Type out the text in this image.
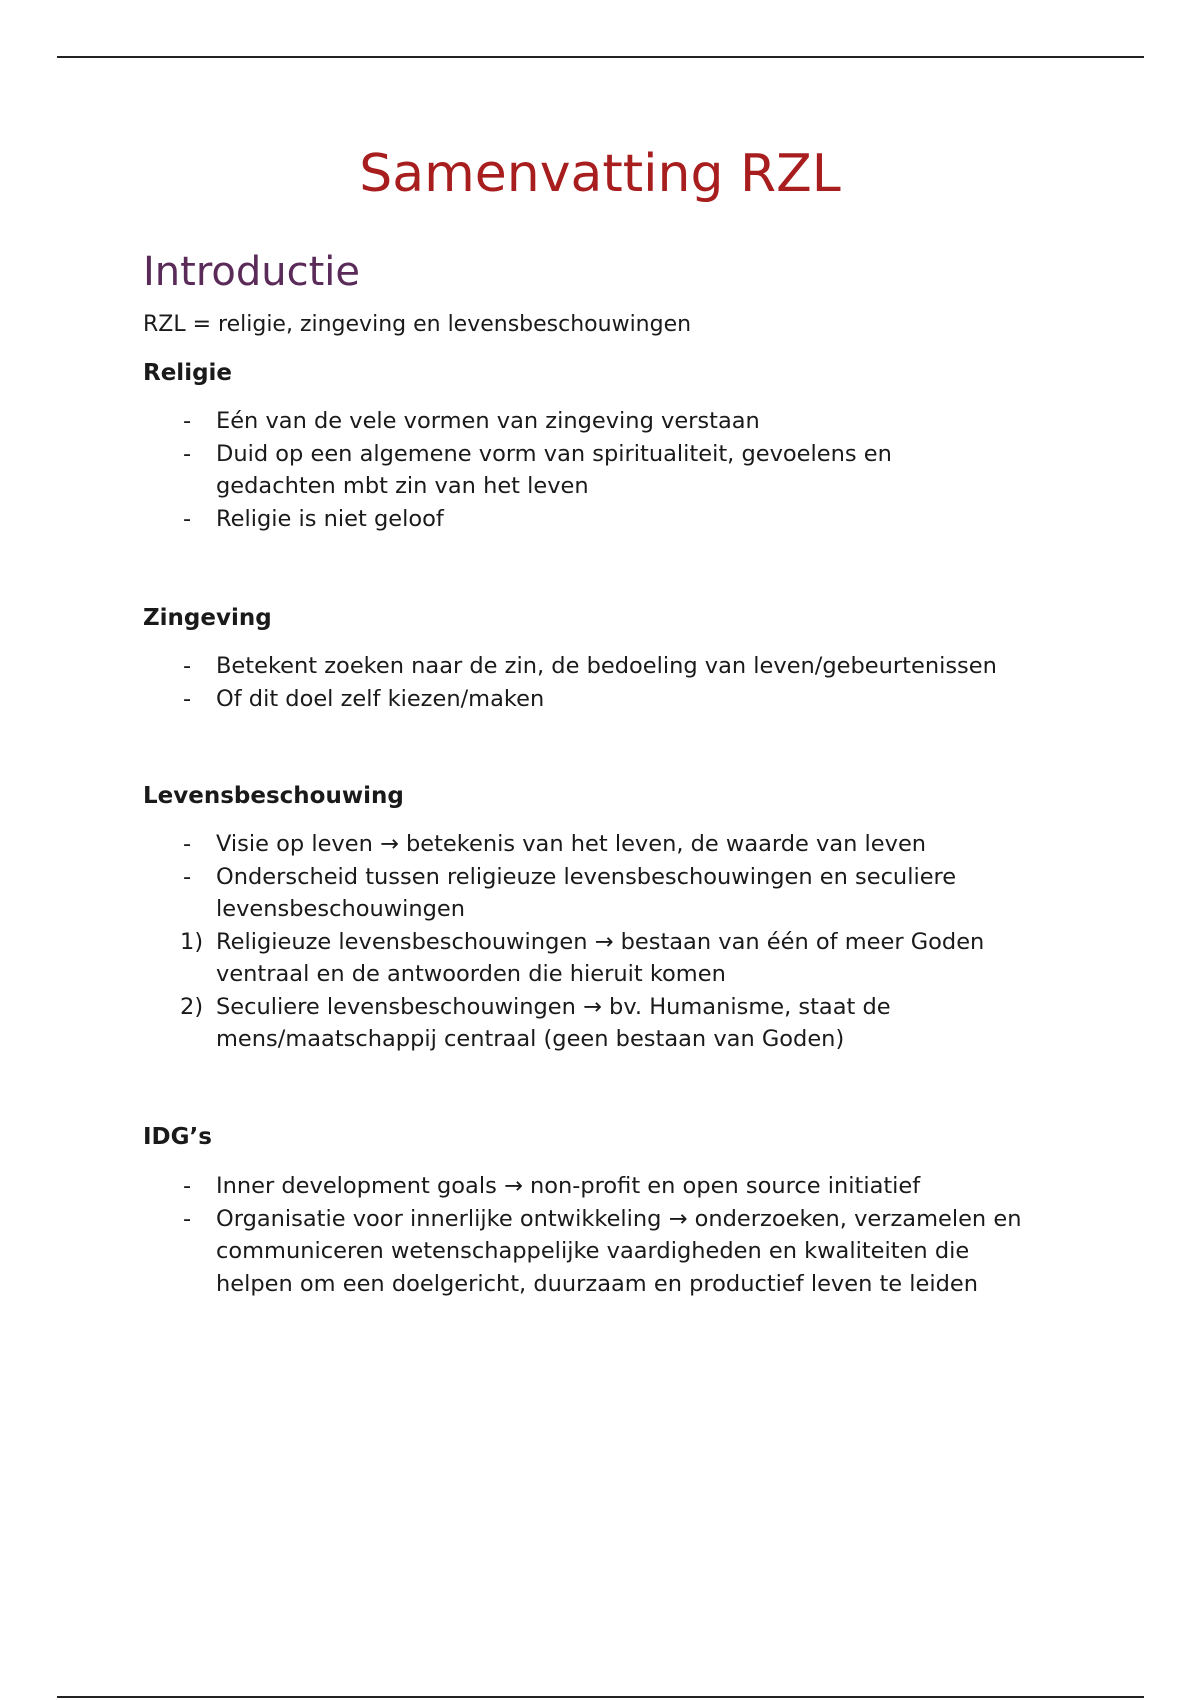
Samenvatting RZL
Introductie

RZL = religie, zingeving en levensbeschouwingen

Religie
- Eén van de vele vormen van zingeving verstaan
- Duid op een algemene vorm van spiritualiteit, gevoelens en gedachten mbt zin van het leven
- Religie is niet geloof
Zingeving
- Betekent zoeken naar de zin, de bedoeling van leven/gebeurtenissen
- Of dit doel zelf kiezen/maken
Levensbeschouwing
- Visie op leven → betekenis van het leven, de waarde van leven
- Onderscheid tussen religieuze levensbeschouwingen en seculiere levensbeschouwingen
1) Religieuze levensbeschouwingen → bestaan van één of meer Goden ventraal en de antwoorden die hieruit komen
2) Seculiere levensbeschouwingen → bv. Humanisme, staat de mens/maatschappij centraal (geen bestaan van Goden)
IDG’s
- Inner development goals → non-profit en open source initiatief
- Organisatie voor innerlijke ontwikkeling → onderzoeken, verzamelen en communiceren wetenschappelijke vaardigheden en kwaliteiten die helpen om een doelgericht, duurzaam en productief leven te leiden
